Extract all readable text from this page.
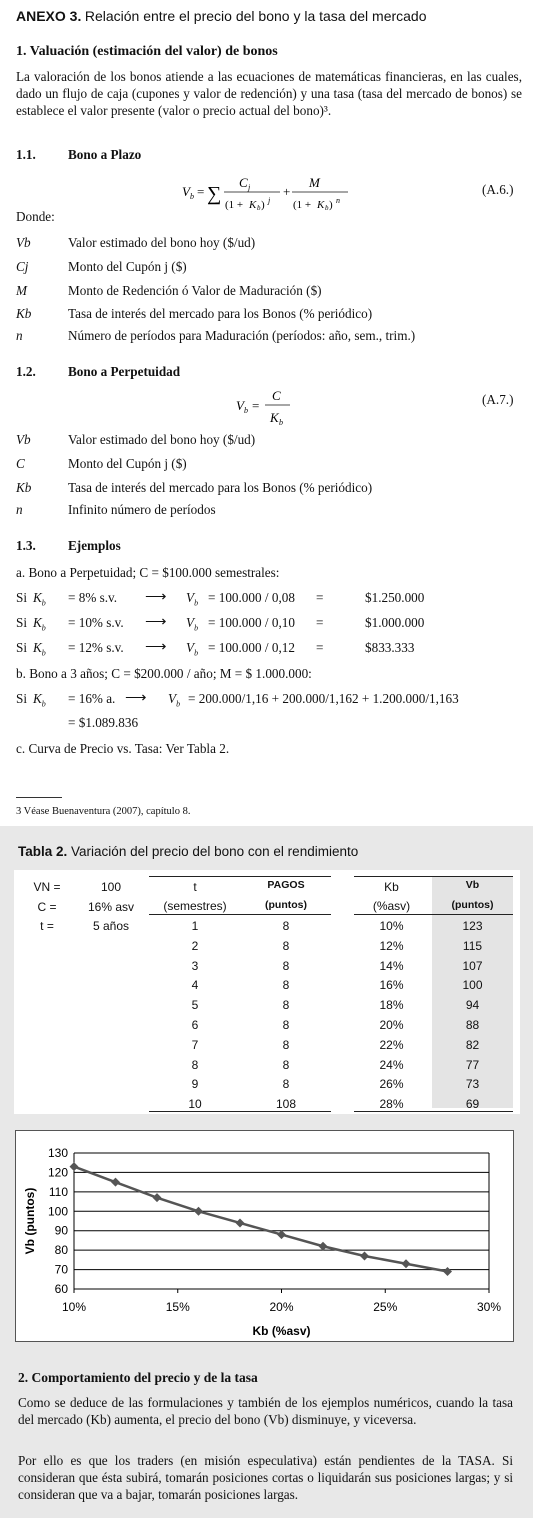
ANEXO 3. Relación entre el precio del bono y la tasa del mercado
1. Valuación (estimación del valor) de bonos
La valoración de los bonos atiende a las ecuaciones de matemáticas financieras, en las cuales, dado un flujo de caja (cupones y valor de redención) y una tasa (tasa del mercado de bonos) se establece el valor presente (valor o precio actual del bono)³.
1.1. Bono a Plazo
V b = ∑
C j
(1 + K b ) j
+
M
(1 + K b ) n
(A.6.)
Donde:
Vb	Valor estimado del bono hoy ($/ud)
Cj	Monto del Cupón j ($)
M	Monto de Redención ó Valor de Maduración ($)
Kb	Tasa de interés del mercado para los Bonos (% periódico)
n	Número de períodos para Maduración (períodos: año, sem., trim.)
1.2. Bono a Perpetuidad
V b =
C
K b
(A.7.)
Vb	Valor estimado del bono hoy ($/ud)
C	Monto del Cupón j ($)
Kb	Tasa de interés del mercado para los Bonos (% periódico)
n	Infinito número de períodos
1.3. Ejemplos
a. Bono a Perpetuidad; C = $100.000 semestrales:
Si $K_b = 8\%$ s.v. ⟶ $V_b = 100.000 / 0,08$ =	$1.250.000
Si $K_b = 10\%$ s.v. ⟶ $V_b = 100.000 / 0,10$ =	$1.000.000
Si $K_b = 12\%$ s.v. ⟶ $V_b = 100.000 / 0,12$ =	$833.333
b. Bono a 3 años; C = $200.000 / año; M = $ 1.000.000:
Si $K_b = 16\%$ a. ⟶ $V_b = 200.000/1,16 + 200.000/1,162 + 1.200.000/1,163$
= $1.089.836
c. Curva de Precio vs. Tasa: Ver Tabla 2.
3 Véase Buenaventura (2007), capítulo 8.
Tabla 2. Variación del precio del bono con el rendimiento
VN =	100
C =	16% asv
t =	5 años
t
(semestres)
PAGOS
(puntos)
Kb
(%asv)
Vb
(puntos)
1	8	10%	123
2	8	12%	115
3	8	14%	107
4	8	16%	100
5	8	18%	94
6	8	20%	88
7	8	22%	82
8	8	24%	77
9	8	26%	73
10	108	28%	69
60
70
80
90
100
110
120
130
10%	15%	20%	25%	30%
Kb (%asv)
Vb (puntos)
2. Comportamiento del precio y de la tasa
Como se deduce de las formulaciones y también de los ejemplos numéricos, cuando la tasa del mercado (Kb) aumenta, el precio del bono (Vb) disminuye, y viceversa.
Por ello es que los traders (en misión especulativa) están pendientes de la TASA. Si consideran que ésta subirá, tomarán posiciones cortas o liquidarán sus posiciones largas; y si consideran que va a bajar, tomarán posiciones largas.
